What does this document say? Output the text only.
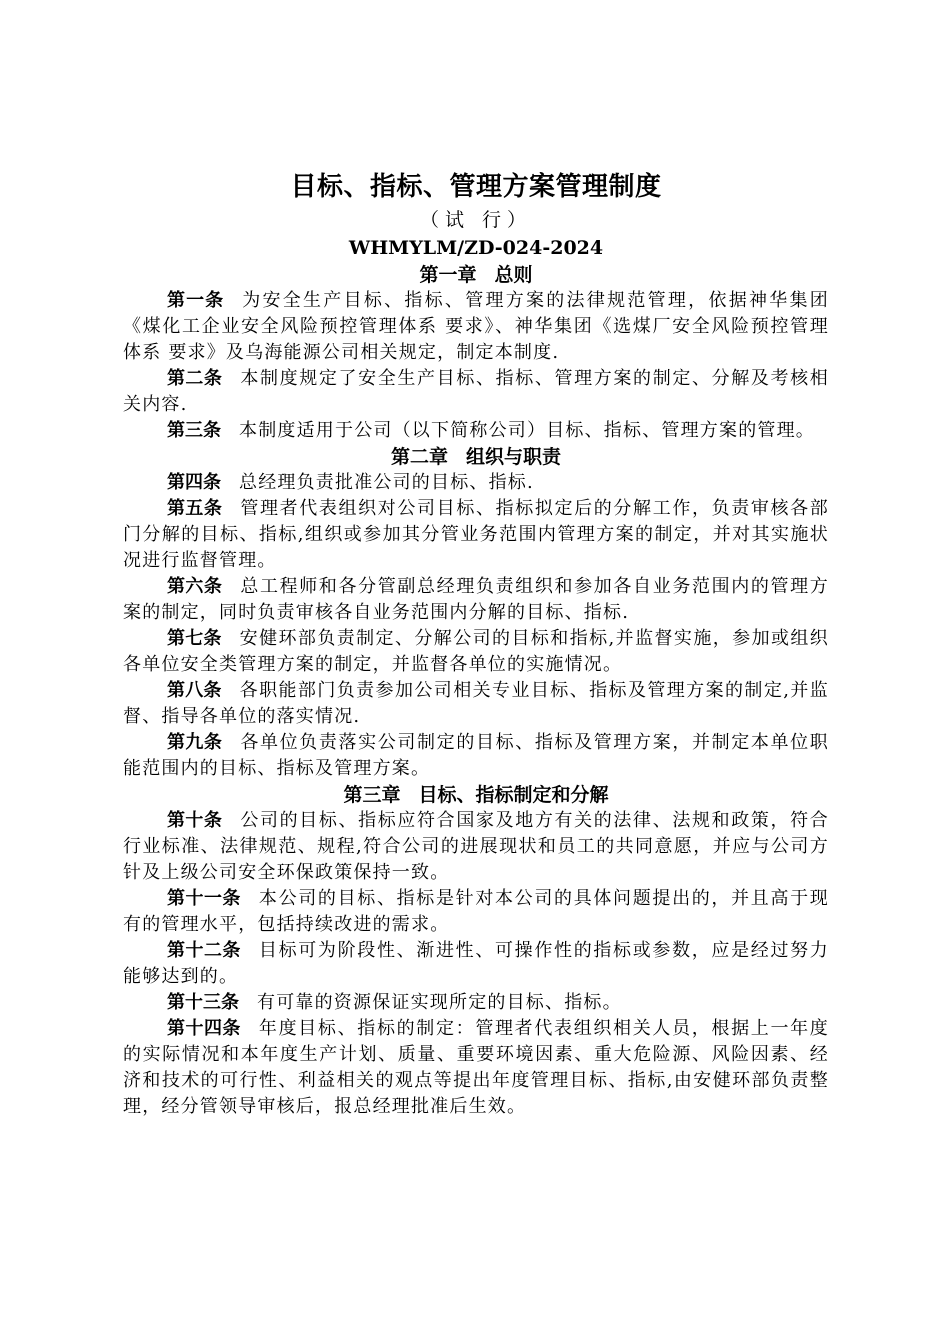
目标、指标、管理方案管理制度

（试 行）

WHMYLM/ZD-024-2024

第一章 总则

第一条 为安全生产目标、指标、管理方案的法律规范管理，依据神华集团《煤化工企业安全风险预控管理体系 要求》、神华集团《选煤厂安全风险预控管理体系 要求》及乌海能源公司相关规定，制定本制度.

第二条 本制度规定了安全生产目标、指标、管理方案的制定、分解及考核相关内容.

第三条 本制度适用于公司（以下简称公司）目标、指标、管理方案的管理。

第二章 组织与职责

第四条 总经理负责批准公司的目标、指标.

第五条 管理者代表组织对公司目标、指标拟定后的分解工作，负责审核各部门分解的目标、指标,组织或参加其分管业务范围内管理方案的制定，并对其实施状况进行监督管理。

第六条 总工程师和各分管副总经理负责组织和参加各自业务范围内的管理方案的制定，同时负责审核各自业务范围内分解的目标、指标.

第七条 安健环部负责制定、分解公司的目标和指标,并监督实施，参加或组织各单位安全类管理方案的制定，并监督各单位的实施情况。

第八条 各职能部门负责参加公司相关专业目标、指标及管理方案的制定,并监督、指导各单位的落实情况.

第九条 各单位负责落实公司制定的目标、指标及管理方案，并制定本单位职能范围内的目标、指标及管理方案。

第三章 目标、指标制定和分解

第十条 公司的目标、指标应符合国家及地方有关的法律、法规和政策，符合行业标准、法律规范、规程,符合公司的进展现状和员工的共同意愿，并应与公司方针及上级公司安全环保政策保持一致。

第十一条 本公司的目标、指标是针对本公司的具体问题提出的，并且高于现有的管理水平，包括持续改进的需求。

第十二条 目标可为阶段性、渐进性、可操作性的指标或参数，应是经过努力能够达到的。

第十三条 有可靠的资源保证实现所定的目标、指标。

第十四条 年度目标、指标的制定：管理者代表组织相关人员，根据上一年度的实际情况和本年度生产计划、质量、重要环境因素、重大危险源、风险因素、经济和技术的可行性、利益相关的观点等提出年度管理目标、指标,由安健环部负责整理，经分管领导审核后，报总经理批准后生效。
